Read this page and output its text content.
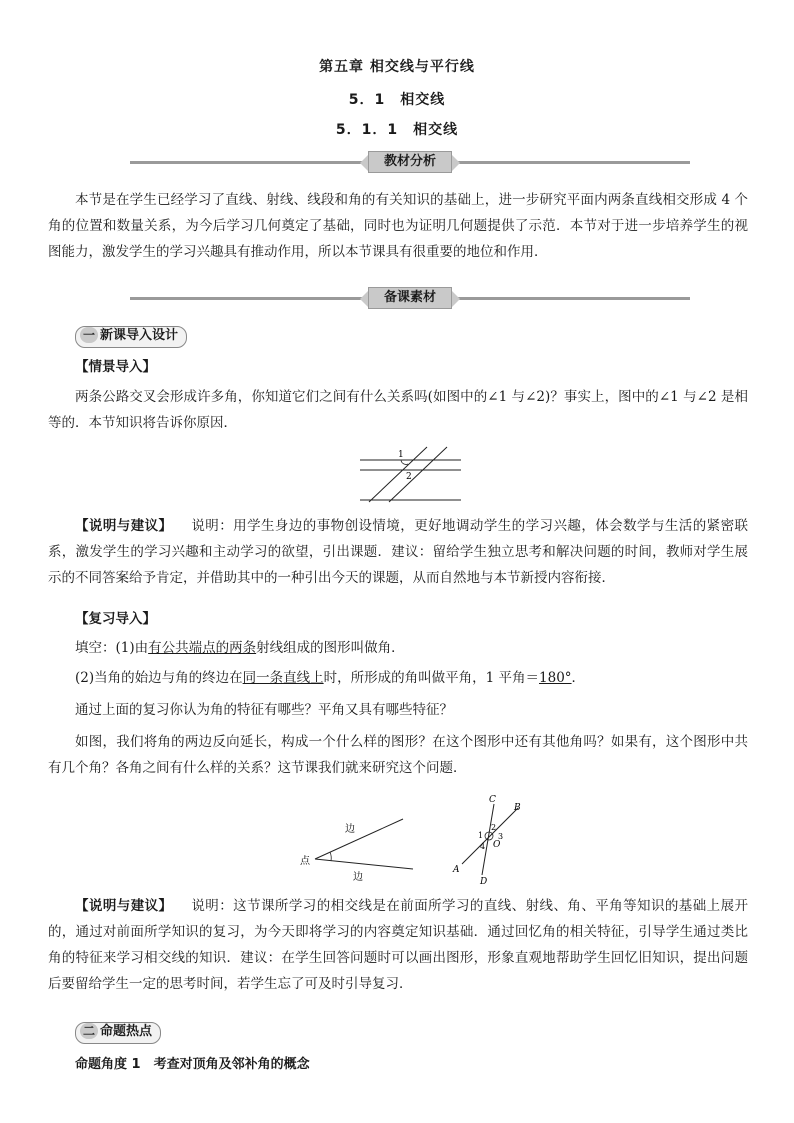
第五章 相交线与平行线
5．1　相交线
5．1．1　相交线
教材分析
本节是在学生已经学习了直线、射线、线段和角的有关知识的基础上，进一步研究平面内两条直线相交形成 4 个角的位置和数量关系，为今后学习几何奠定了基础，同时也为证明几何题提供了示范．本节对于进一步培养学生的视图能力，激发学生的学习兴趣具有推动作用，所以本节课具有很重要的地位和作用．
备课素材
一 新课导入设计
【情景导入】
两条公路交叉会形成许多角，你知道它们之间有什么关系吗(如图中的∠1 与∠2)？事实上，图中的∠1 与∠2 是相等的．本节知识将告诉你原因．
1
2
【说明与建议】 说明：用学生身边的事物创设情境，更好地调动学生的学习兴趣，体会数学与生活的紧密联系，激发学生的学习兴趣和主动学习的欲望，引出课题．建议：留给学生独立思考和解决问题的时间，教师对学生展示的不同答案给予肯定，并借助其中的一种引出今天的课题，从而自然地与本节新授内容衔接．
【复习导入】
填空：(1)由有公共端点的两条射线组成的图形叫做角．
(2)当角的始边与角的终边在同一条直线上时，所形成的角叫做平角，1 平角＝180°．
通过上面的复习你认为角的特征有哪些？平角又具有哪些特征？
如图，我们将角的两边反向延长，构成一个什么样的图形？在这个图形中还有其他角吗？如果有，这个图形中共有几个角？各角之间有什么样的关系？这节课我们就来研究这个问题．
边
点
边
C
B
A
D
O
1
2
3
4
【说明与建议】 说明：这节课所学习的相交线是在前面所学习的直线、射线、角、平角等知识的基础上展开的，通过对前面所学知识的复习，为今天即将学习的内容奠定知识基础．通过回忆角的相关特征，引导学生通过类比角的特征来学习相交线的知识．建议：在学生回答问题时可以画出图形，形象直观地帮助学生回忆旧知识，提出问题后要留给学生一定的思考时间，若学生忘了可及时引导复习．
二 命题热点
命题角度 1　考查对顶角及邻补角的概念
